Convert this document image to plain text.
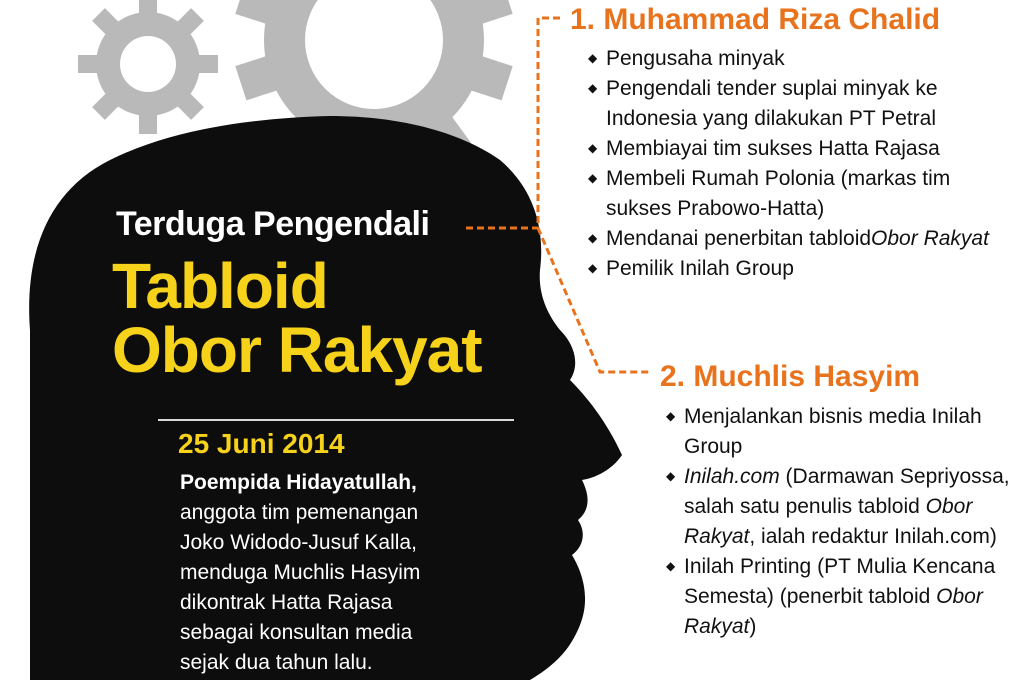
Terduga Pengendali
Tabloid
Obor Rakyat
25 Juni 2014
Poempida Hidayatullah,
anggota tim pemenangan
Joko Widodo-Jusuf Kalla,
menduga Muchlis Hasyim
dikontrak Hatta Rajasa
sebagai konsultan media
sejak dua tahun lalu.
1. Muhammad Riza Chalid
◆ Pengusaha minyak
◆ Pengendali tender suplai minyak ke Indonesia yang dilakukan PT Petral
◆ Membiayai tim sukses Hatta Rajasa
◆ Membeli Rumah Polonia (markas tim sukses Prabowo-Hatta)
◆ Mendanai penerbitan tabloidObor Rakyat
◆ Pemilik Inilah Group
2. Muchlis Hasyim
◆ Menjalankan bisnis media Inilah Group
◆ Inilah.com (Darmawan Sepriyossa, salah satu penulis tabloid Obor Rakyat, ialah redaktur Inilah.com)
◆ Inilah Printing (PT Mulia Kencana Semesta) (penerbit tabloid Obor Rakyat)
